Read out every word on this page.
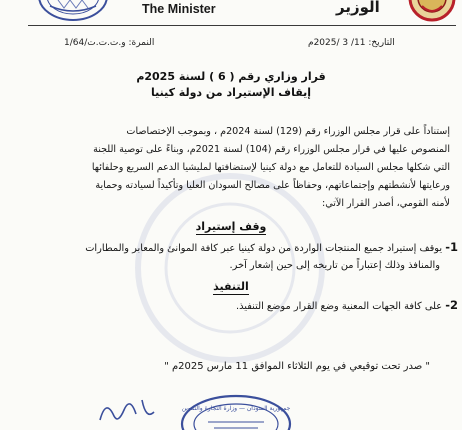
The Minister	الوزير
النمرة: و.ت.ت.ت/1/64	التاريخ: 11/ 3 /2025م
قرار وزاري رقم ( 6 ) لسنة 2025م
إيقاف الإستيراد من دولة كينيا
إستناداً على قرار مجلس الوزراء رقم (129) لسنة 2024م ، وبموجب الإختصاصات
المنصوص عليها في قرار مجلس الوزراء رقم (104) لسنة 2021م، وبناءً على توصية اللجنة
التي شكلها مجلس السيادة للتعامل مع دولة كينيا لإستضافتها لمليشيا الدعم السريع وحلفائها
ورعايتها لأنشطتهم وإجتماعاتهم، وحفاظاً على مصالح السودان العليا وتأكيداً لسيادته وحماية
لأمنه القومي، أصدر القرار الآتي:
وقف إستيراد
1- يوقف إستيراد جميع المنتجات الواردة من دولة كينيا عبر كافة الموانئ والمعابر والمطارات
والمنافذ وذلك إعتباراً من تاريخه إلى حين إشعار آخر.
التنفيذ
2- على كافة الجهات المعنية وضع القرار موضع التنفيذ.
" صدر تحت توقيعي في يوم الثلاثاء الموافق 11 مارس 2025م "
جمهورية السودان — وزارة التجارة والتموين
